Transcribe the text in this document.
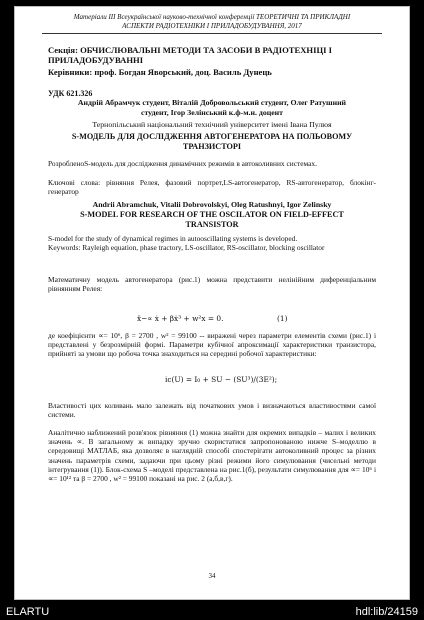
Матеріали ІІІ Всеукраїнської науково-технічної конференції ТЕОРЕТИЧНІ ТА ПРИКЛАДНІ
АСПЕКТИ РАДІОТЕХНІКИ І ПРИЛАДОБУДУВАННЯ, 2017
Секція: ОБЧИСЛЮВАЛЬНІ МЕТОДИ ТА ЗАСОБИ В РАДІОТЕХНІЦІ І
ПРИЛАДОБУДУВАННІ
Керівники: проф. Богдан Яворський, доц. Василь Дунець
УДК 621.326
Андрій Абрамчук студент, Віталій Добровольський студент, Олег Ратушний
студент, Ігор Зелінський к.ф-м.н. доцент
Тернопільський національний технічний університет імені Івана Пулюя
S-МОДЕЛЬ ДЛЯ ДОСЛІДЖЕННЯ АВТОГЕНЕРАТОРА НА ПОЛЬОВОМУ
ТРАНЗИСТОРІ
РозробленоS-модель для дослідження динамічних режимів в автоколивних системах.
Ключові слова: рівняння Релея, фазовий портрет,LS-автогенератор, RS-автогенератор, блокінг-генератор
Andrii Abramchuk, Vitalii Dobrovolskyi, Oleg Ratushnyi, Igor Zelinsky
S-MODEL FOR RESEARCH OF THE OSCILATOR ON FIELD-EFFECT
TRANSISTOR
S-model for the study of dynamical regimes in autooscillating systems is developed.
Keywords: Rayleigh equation, phase tractory, LS-oscillator, RS-oscillator, blocking oscillator
Математичну модель автогенератора (рис.1) можна представити нелінійним диференціальним рівнянням Релея:
ẍ−∝ ẋ + βẋ³ + w²x = 0.	(1)
де коефіцієнти ∝= 10⁶, β = 2700 , w² = 99100 -- виражені через параметри елементів схеми (рис.1) і представлені у безрозмірній формі. Параметри кубічної апроксимації характеристики транзистора, прийняті за умови що робоча точка знаходиться на середині робочої характеристики:
iс(U) = I₀ + SU − (SU³)/(3E²);
Властивості цих коливань мало залежать від початкових умов і визначаються властивостями самої системи.
Аналітично наближений розв'язок рівняння (1) можна знайти для окремих випадків – малих і великих значень ∝. В загальному ж випадку зручно скористатися запропонованою нижче S–моделлю в середовищі МАТЛАБ, яка дозволяє в наглядній способі спостерігати автоколивний процес за різних значень параметрів схеми, задаючи при цьому різні режими його симулювання (чисельні методи інтегрування (1)). Блок-схема S –моделі представлена на рис.1(б), результати симулювання для ∝= 10⁶ і ∝= 10¹² та β = 2700 , w² = 99100 показані на рис. 2 (а,б,в,г).
34
ELARTU	hdl:lib/24159
